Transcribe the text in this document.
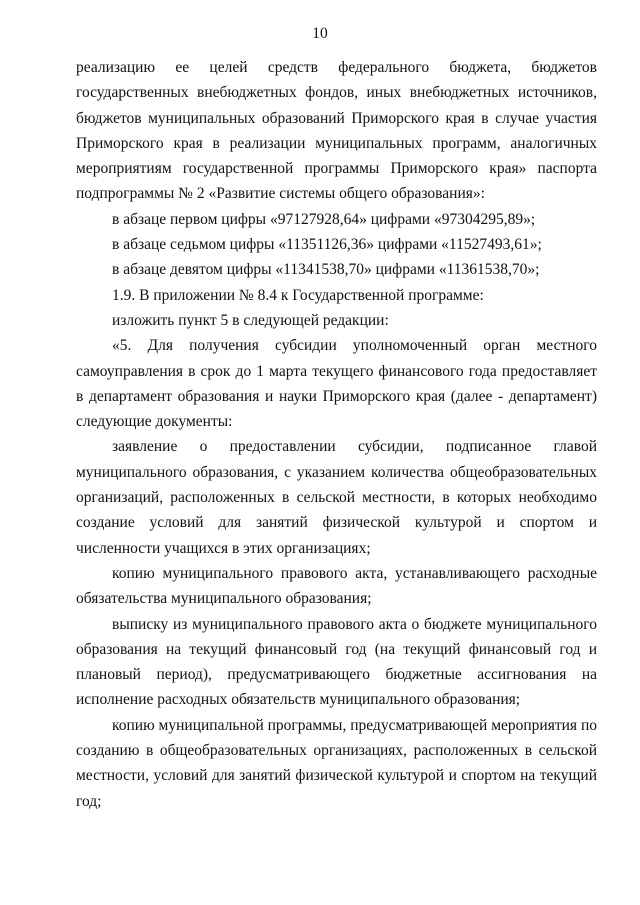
10

реализацию ее целей средств федерального бюджета, бюджетов государственных внебюджетных фондов, иных внебюджетных источников, бюджетов муниципальных образований Приморского края в случае участия Приморского края в реализации муниципальных программ, аналогичных мероприятиям государственной программы Приморского края» паспорта подпрограммы № 2 «Развитие системы общего образования»:

в абзаце первом цифры «97127928,64» цифрами «97304295,89»;

в абзаце седьмом цифры «11351126,36» цифрами «11527493,61»;

в абзаце девятом цифры «11341538,70» цифрами «11361538,70»;

1.9. В приложении № 8.4 к Государственной программе:

изложить пункт 5 в следующей редакции:

«5. Для получения субсидии уполномоченный орган местного самоуправления в срок до 1 марта текущего финансового года предоставляет в департамент образования и науки Приморского края (далее - департамент) следующие документы:

заявление о предоставлении субсидии, подписанное главой муниципального образования, с указанием количества общеобразовательных организаций, расположенных в сельской местности, в которых необходимо создание условий для занятий физической культурой и спортом и численности учащихся в этих организациях;

копию муниципального правового акта, устанавливающего расходные обязательства муниципального образования;

выписку из муниципального правового акта о бюджете муниципального образования на текущий финансовый год (на текущий финансовый год и плановый период), предусматривающего бюджетные ассигнования на исполнение расходных обязательств муниципального образования;

копию муниципальной программы, предусматривающей мероприятия по созданию в общеобразовательных организациях, расположенных в сельской местности, условий для занятий физической культурой и спортом на текущий год;
